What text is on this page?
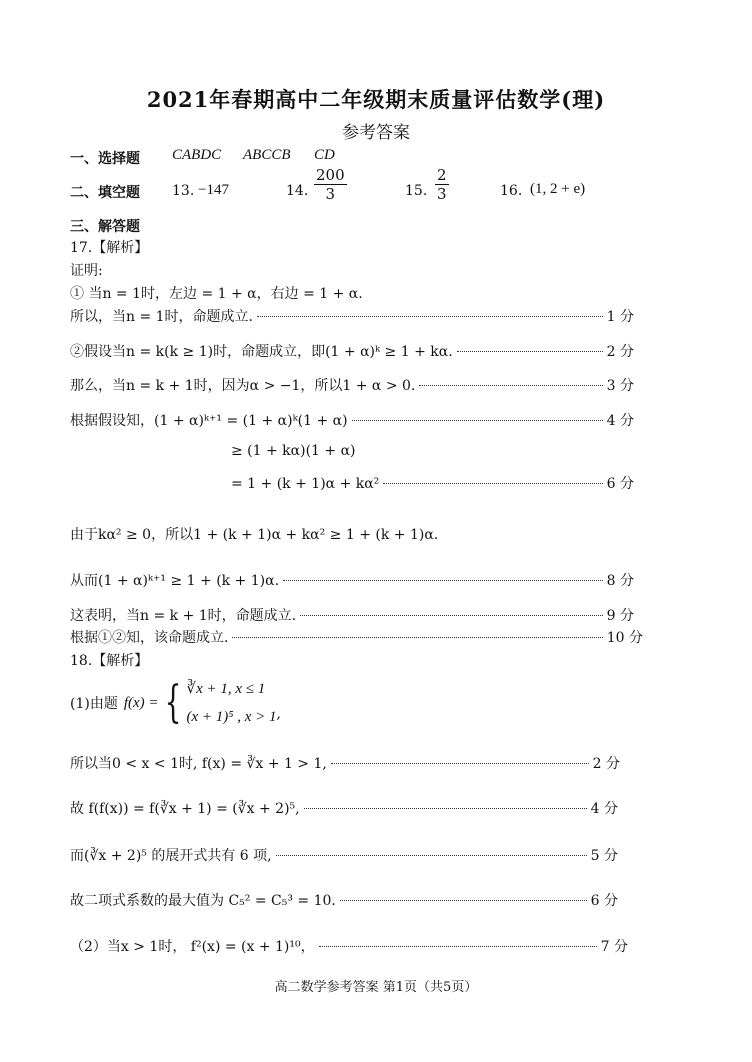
2021年春期高中二年级期末质量评估数学(理)
参考答案
一、选择题 CABDC ABCCB CD
二、填空题 13. −147	14. $\frac{200}{3}$	15. $\frac{2}{3}$	16. (1, 2 + e)
三、解答题
17.【解析】
证明:
① 当n = 1时，左边 = 1 + α，右边 = 1 + α.
所以，当n = 1时，命题成立.	1 分
②假设当n = k(k ≥ 1)时，命题成立，即(1 + α)ᵏ ≥ 1 + kα.	2 分
那么，当n = k + 1时，因为α > −1，所以1 + α > 0.	3 分
根据假设知，(1 + α)ᵏ⁺¹ = (1 + α)ᵏ(1 + α)	4 分
≥ (1 + kα)(1 + α)
= 1 + (k + 1)α + kα²	6 分
由于kα² ≥ 0，所以1 + (k + 1)α + kα² ≥ 1 + (k + 1)α.
从而(1 + α)ᵏ⁺¹ ≥ 1 + (k + 1)α.	8 分
这表明，当n = k + 1时，命题成立.	9 分
根据①②知，该命题成立.	10 分
18.【解析】
(1)由题 f(x) = { ∛x + 1, x ≤ 1
(x + 1)⁵ , x > 1 ,
所以当0 < x < 1时, f(x) = ∛x + 1 > 1,	2 分
故 f(f(x)) = f(∛x + 1) = (∛x + 2)⁵,	4 分
而(∛x + 2)⁵ 的展开式共有 6 项,	5 分
故二项式系数的最大值为 C₅² = C₅³ = 10.	6 分
（2）当x > 1时， f²(x) = (x + 1)¹⁰，	7 分
高二数学参考答案 第1页（共5页）
